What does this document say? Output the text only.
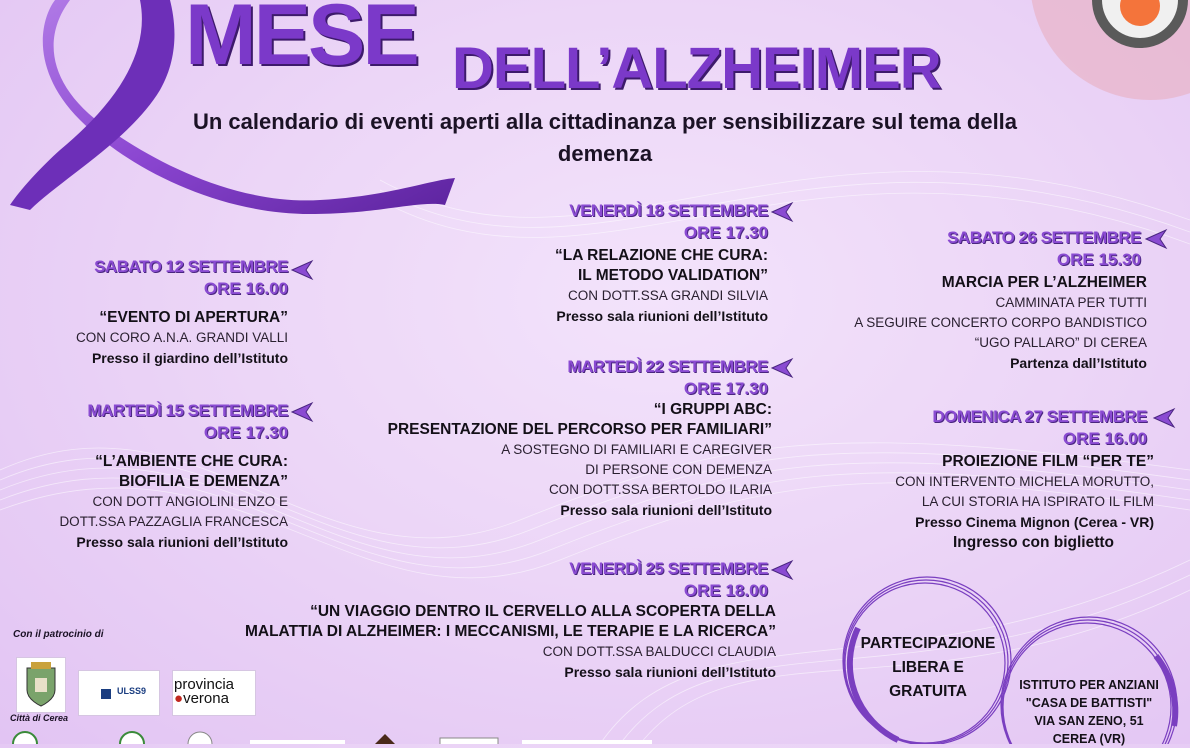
MESE DELL’ALZHEIMER

Un calendario di eventi aperti alla cittadinanza per sensibilizzare sul tema della demenza

SABATO 12 SETTEMBRE
ORE 16.00
“EVENTO DI APERTURA”
CON CORO A.N.A. GRANDI VALLI
Presso il giardino dell’Istituto
MARTEDÌ 15 SETTEMBRE
ORE 17.30
“L’AMBIENTE CHE CURA:
BIOFILIA E DEMENZA”
CON DOTT ANGIOLINI ENZO E
DOTT.SSA PAZZAGLIA FRANCESCA
Presso sala riunioni dell’Istituto
VENERDÌ 18 SETTEMBRE
ORE 17.30
“LA RELAZIONE CHE CURA:
IL METODO VALIDATION”
CON DOTT.SSA GRANDI SILVIA
Presso sala riunioni dell’Istituto
MARTEDÌ 22 SETTEMBRE
ORE 17.30
“I GRUPPI ABC:
PRESENTAZIONE DEL PERCORSO PER FAMILIARI”
A SOSTEGNO DI FAMILIARI E CAREGIVER
DI PERSONE CON DEMENZA
CON DOTT.SSA BERTOLDO ILARIA
Presso sala riunioni dell’Istituto
VENERDÌ 25 SETTEMBRE
ORE 18.00
“UN VIAGGIO DENTRO IL CERVELLO ALLA SCOPERTA DELLA
MALATTIA DI ALZHEIMER: I MECCANISMI, LE TERAPIE E LA RICERCA”
CON DOTT.SSA BALDUCCI CLAUDIA
Presso sala riunioni dell’Istituto
SABATO 26 SETTEMBRE
ORE 15.30
MARCIA PER L’ALZHEIMER
CAMMINATA PER TUTTI
A SEGUIRE CONCERTO CORPO BANDISTICO
“UGO PALLARO” DI CEREA
Partenza dall’Istituto
DOMENICA 27 SETTEMBRE
ORE 16.00
PROIEZIONE FILM “PER TE”
CON INTERVENTO MICHELA MORUTTO,
LA CUI STORIA HA ISPIRATO IL FILM
Presso Cinema Mignon (Cerea - VR)
Ingresso con biglietto
Con il patrocinio di
Città di Cerea
ULSS9 provincia
●verona
PARTECIPAZIONE
LIBERA E
GRATUITA	ISTITUTO PER ANZIANI
"CASA DE BATTISTI"
VIA SAN ZENO, 51
CEREA (VR)
